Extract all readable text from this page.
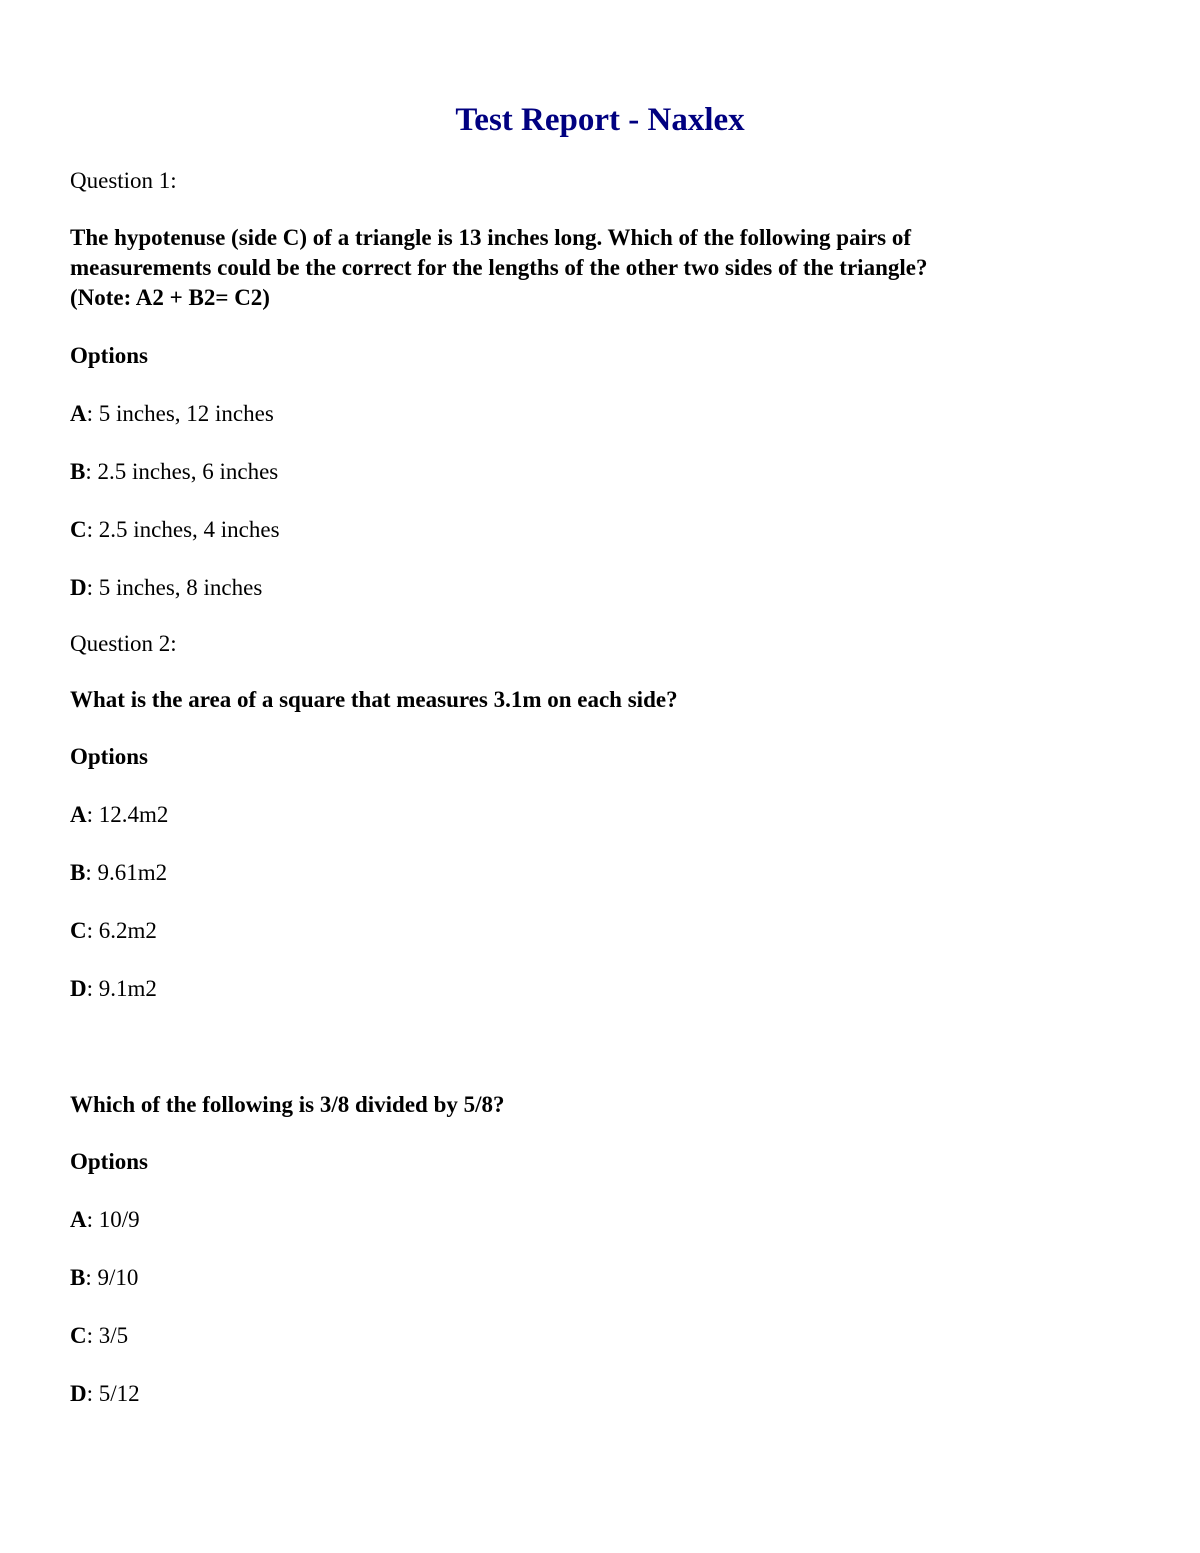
Test Report - Naxlex

Question 1:

The hypotenuse (side C) of a triangle is 13 inches long. Which of the following pairs of

measurements could be the correct for the lengths of the other two sides of the triangle?

(Note: A2 + B2= C2)

Options

A: 5 inches, 12 inches

B: 2.5 inches, 6 inches

C: 2.5 inches, 4 inches

D: 5 inches, 8 inches

Question 2:

What is the area of a square that measures 3.1m on each side?

Options

A: 12.4m2

B: 9.61m2

C: 6.2m2

D: 9.1m2

Which of the following is 3/8 divided by 5/8?

Options

A: 10/9

B: 9/10

C: 3/5

D: 5/12
